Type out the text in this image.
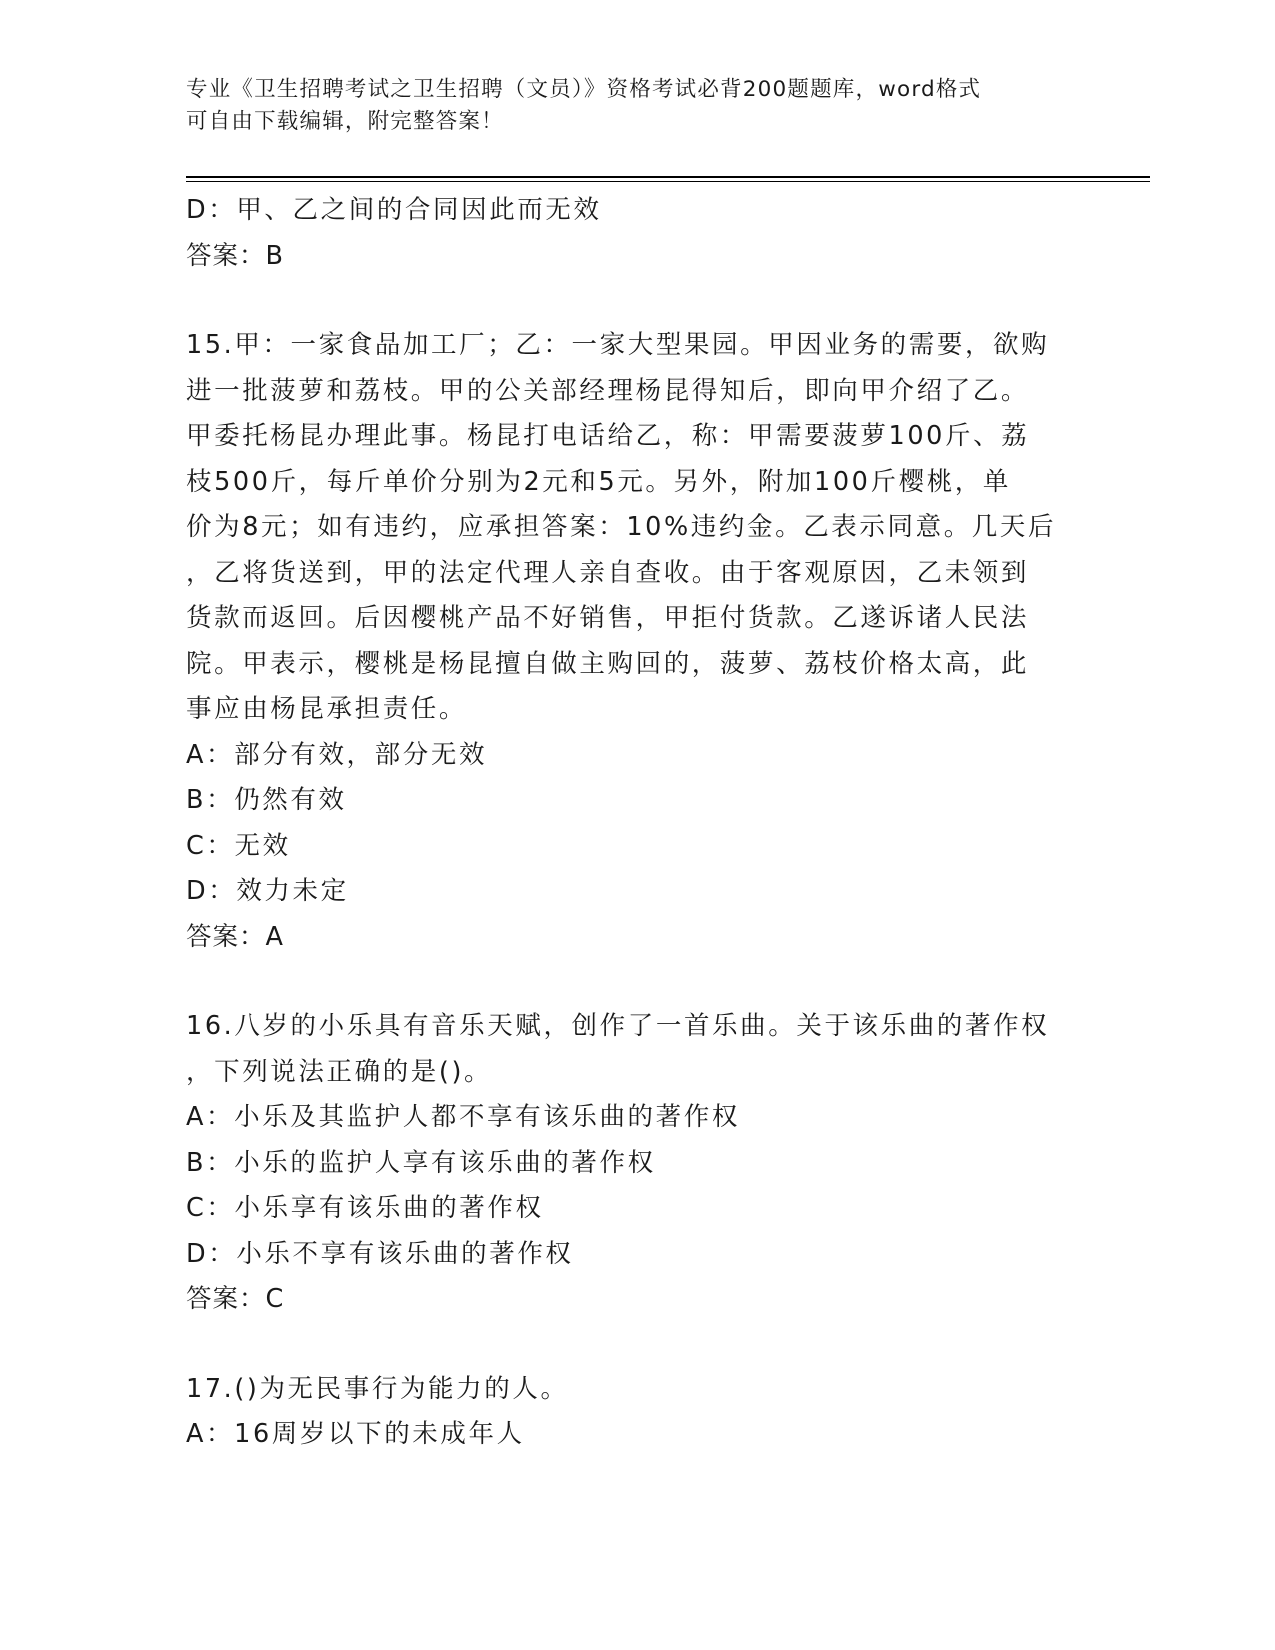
专业《卫生招聘考试之卫生招聘（文员）》资格考试必背200题题库，word格式
可自由下载编辑，附完整答案！
D：甲、乙之间的合同因此而无效
答案：B
15.甲：一家食品加工厂；乙：一家大型果园。甲因业务的需要，欲购
进一批菠萝和荔枝。甲的公关部经理杨昆得知后，即向甲介绍了乙。
甲委托杨昆办理此事。杨昆打电话给乙，称：甲需要菠萝100斤、荔
枝500斤，每斤单价分别为2元和5元。另外，附加100斤樱桃，单
价为8元；如有违约，应承担答案：10%违约金。乙表示同意。几天后
，乙将货送到，甲的法定代理人亲自查收。由于客观原因，乙未领到
货款而返回。后因樱桃产品不好销售，甲拒付货款。乙遂诉诸人民法
院。甲表示，樱桃是杨昆擅自做主购回的，菠萝、荔枝价格太高，此
事应由杨昆承担责任。
A：部分有效，部分无效
B：仍然有效
C：无效
D：效力未定
答案：A
16.八岁的小乐具有音乐天赋，创作了一首乐曲。关于该乐曲的著作权
，下列说法正确的是()。
A：小乐及其监护人都不享有该乐曲的著作权
B：小乐的监护人享有该乐曲的著作权
C：小乐享有该乐曲的著作权
D：小乐不享有该乐曲的著作权
答案：C
17.()为无民事行为能力的人。
A：16周岁以下的未成年人
